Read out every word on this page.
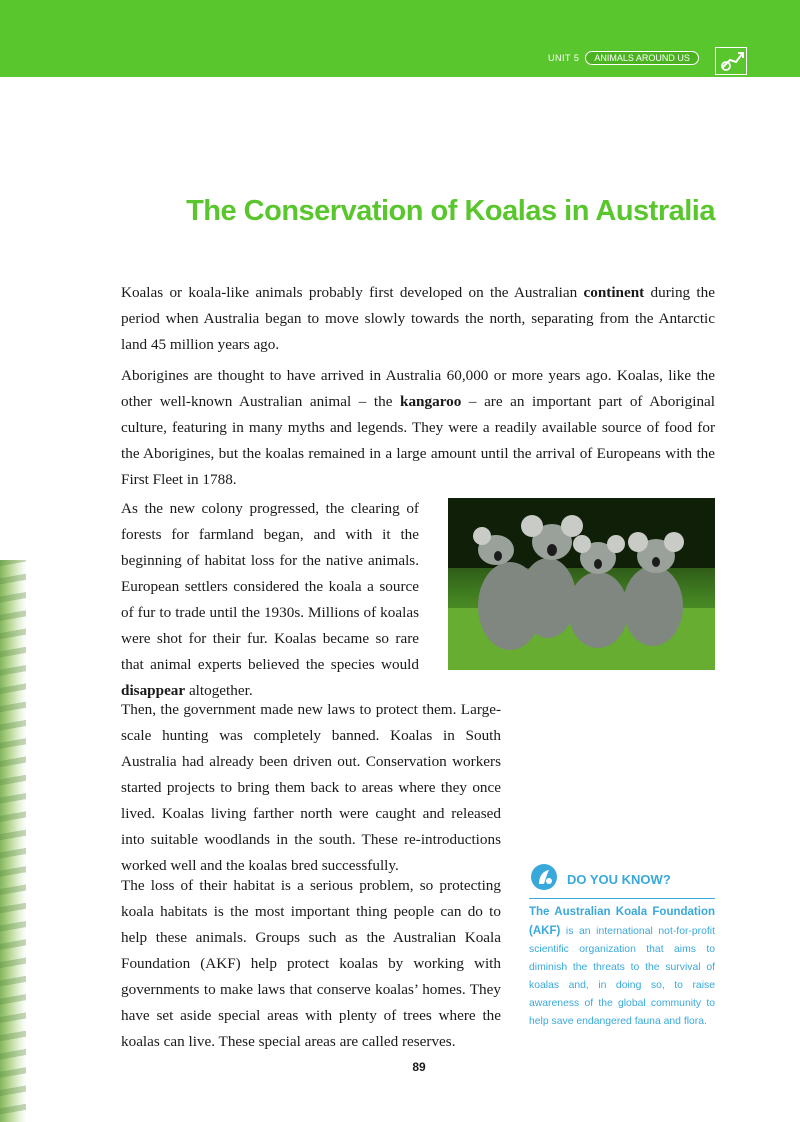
UNIT 5	ANIMALS AROUND US
The Conservation of Koalas in Australia

Koalas or koala-like animals probably first developed on the Australian continent during the period when Australia began to move slowly towards the north, separating from the Antarctic land 45 million years ago.

Aborigines are thought to have arrived in Australia 60,000 or more years ago. Koalas, like the other well-known Australian animal – the kangaroo – are an important part of Aboriginal culture, featuring in many myths and legends. They were a readily available source of food for the Aborigines, but the koalas remained in a large amount until the arrival of Europeans with the First Fleet in 1788.

As the new colony progressed, the clearing of forests for farmland began, and with it the beginning of habitat loss for the native animals. European settlers considered the koala a source of fur to trade until the 1930s. Millions of koalas were shot for their fur. Koalas became so rare that animal experts believed the species would disappear altogether.

Then, the government made new laws to protect them. Large-scale hunting was completely banned. Koalas in South Australia had already been driven out. Conservation workers started projects to bring them back to areas where they once lived. Koalas living farther north were caught and released into suitable woodlands in the south. These re-introductions worked well and the koalas bred successfully.

The loss of their habitat is a serious problem, so protecting koala habitats is the most important thing people can do to help these animals. Groups such as the Australian Koala Foundation (AKF) help protect koalas by working with governments to make laws that conserve koalas’ homes. They have set aside special areas with plenty of trees where the koalas can live. These special areas are called reserves.

DO YOU KNOW?
The Australian Koala Foundation (AKF) is an international not-for-profit scientific organization that aims to diminish the threats to the survival of koalas and, in doing so, to raise awareness of the global community to help save endangered fauna and flora.
89
